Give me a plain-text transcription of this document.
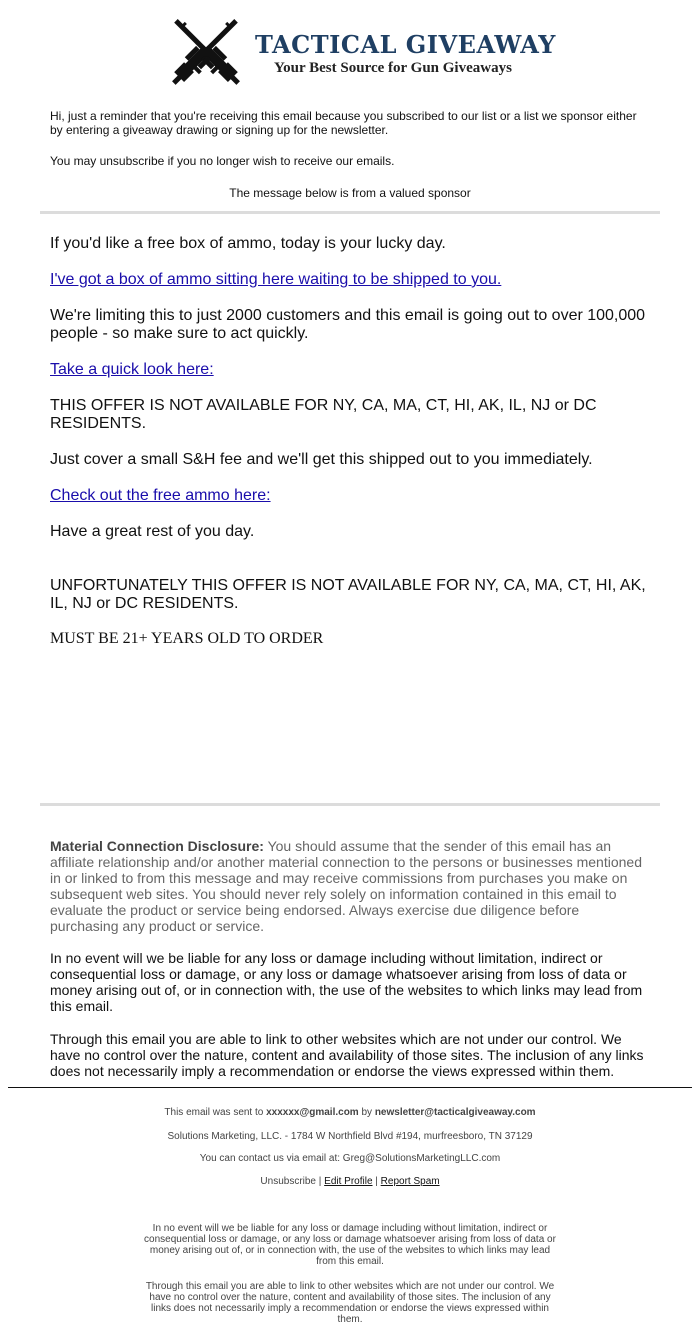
TACTICAL GIVEAWAY
Your Best Source for Gun Giveaways
Hi, just a reminder that you're receiving this email because you subscribed to our list or a list we sponsor either by entering a giveaway drawing or signing up for the newsletter.
You may unsubscribe if you no longer wish to receive our emails.
The message below is from a valued sponsor
If you'd like a free box of ammo, today is your lucky day.
I've got a box of ammo sitting here waiting to be shipped to you.
We're limiting this to just 2000 customers and this email is going out to over 100,000 people - so make sure to act quickly.
Take a quick look here:
THIS OFFER IS NOT AVAILABLE FOR NY, CA, MA, CT, HI, AK, IL, NJ or DC RESIDENTS.
Just cover a small S&H fee and we'll get this shipped out to you immediately.
Check out the free ammo here:
Have a great rest of you day.
UNFORTUNATELY THIS OFFER IS NOT AVAILABLE FOR NY, CA, MA, CT, HI, AK, IL, NJ or DC RESIDENTS.
MUST BE 21+ YEARS OLD TO ORDER
Material Connection Disclosure: You should assume that the sender of this email has an affiliate relationship and/or another material connection to the persons or businesses mentioned in or linked to from this message and may receive commissions from purchases you make on subsequent web sites. You should never rely solely on information contained in this email to evaluate the product or service being endorsed. Always exercise due diligence before purchasing any product or service.
In no event will we be liable for any loss or damage including without limitation, indirect or consequential loss or damage, or any loss or damage whatsoever arising from loss of data or money arising out of, or in connection with, the use of the websites to which links may lead from this email.
Through this email you are able to link to other websites which are not under our control. We have no control over the nature, content and availability of those sites. The inclusion of any links does not necessarily imply a recommendation or endorse the views expressed within them.
This email was sent to xxxxxx@gmail.com by newsletter@tacticalgiveaway.com
Solutions Marketing, LLC. - 1784 W Northfield Blvd #194, murfreesboro, TN 37129
You can contact us via email at: Greg@SolutionsMarketingLLC.com
Unsubscribe | Edit Profile | Report Spam
In no event will we be liable for any loss or damage including without limitation, indirect or consequential loss or damage, or any loss or damage whatsoever arising from loss of data or money arising out of, or in connection with, the use of the websites to which links may lead from this email.
Through this email you are able to link to other websites which are not under our control. We have no control over the nature, content and availability of those sites. The inclusion of any links does not necessarily imply a recommendation or endorse the views expressed within them.
